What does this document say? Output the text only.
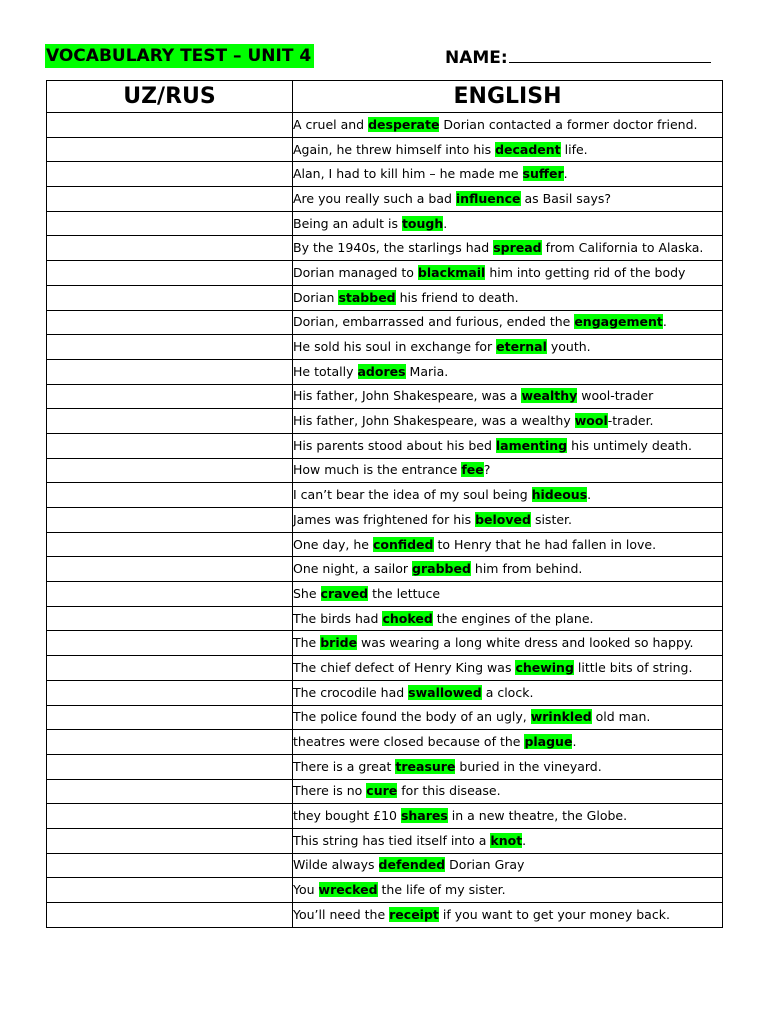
VOCABULARY TEST – UNIT 4	NAME:
UZ/RUS	ENGLISH
	A cruel and desperate Dorian contacted a former doctor friend.
	Again, he threw himself into his decadent life.
	Alan, I had to kill him – he made me suffer.
	Are you really such a bad influence as Basil says?
	Being an adult is tough.
	By the 1940s, the starlings had spread from California to Alaska.
	Dorian managed to blackmail him into getting rid of the body
	Dorian stabbed his friend to death.
	Dorian, embarrassed and furious, ended the engagement.
	He sold his soul in exchange for eternal youth.
	He totally adores Maria.
	His father, John Shakespeare, was a wealthy wool-trader
	His father, John Shakespeare, was a wealthy wool-trader.
	His parents stood about his bed lamenting his untimely death.
	How much is the entrance fee?
	I can’t bear the idea of my soul being hideous.
	James was frightened for his beloved sister.
	One day, he confided to Henry that he had fallen in love.
	One night, a sailor grabbed him from behind.
	She craved the lettuce
	The birds had choked the engines of the plane.
	The bride was wearing a long white dress and looked so happy.
	The chief defect of Henry King was chewing little bits of string.
	The crocodile had swallowed a clock.
	The police found the body of an ugly, wrinkled old man.
	theatres were closed because of the plague.
	There is a great treasure buried in the vineyard.
	There is no cure for this disease.
	they bought £10 shares in a new theatre, the Globe.
	This string has tied itself into a knot.
	Wilde always defended Dorian Gray
	You wrecked the life of my sister.
	You’ll need the receipt if you want to get your money back.
